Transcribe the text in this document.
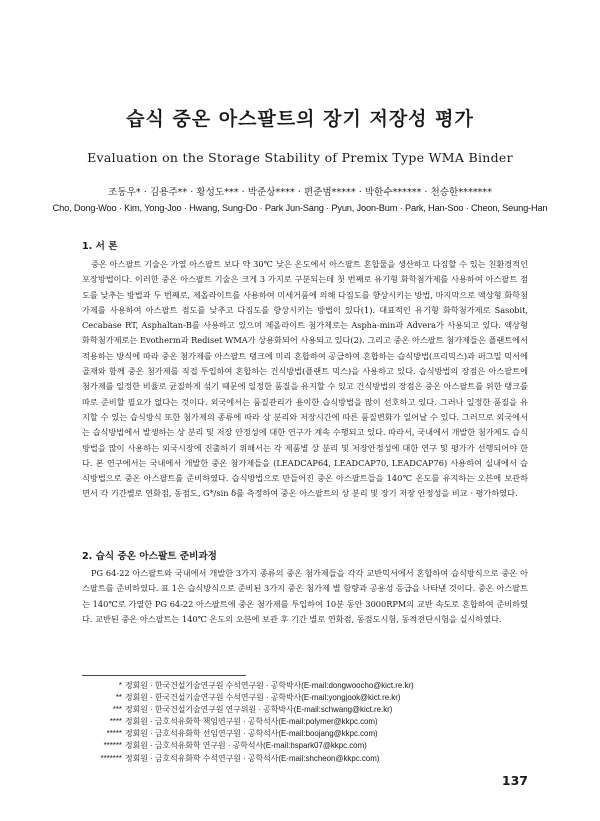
습식 중온 아스팔트의 장기 저장성 평가
Evaluation on the Storage Stability of Premix Type WMA Binder
조동우* · 김용주** · 황성도*** · 박준상**** · 편준범***** · 박한수****** · 천승한*******
Cho, Dong-Woo · Kim, Yong-Joo · Hwang, Sung-Do · Park Jun-Sang · Pyun, Joon-Bum · Park, Han-Soo · Cheon, Seung-Han
1. 서 론

중온 아스팔트 기술은 가열 아스팔트 보다 약 30℃ 낮은 온도에서 아스팔트 혼합물을 생산하고 다짐할 수 있는 친환경적인 포장방법이다. 이러한 중온 아스팔트 기술은 크게 3 가지로 구분되는데 첫 번째로 유기형 화학첨가제를 사용하여 아스팔트 점도를 낮추는 방법과 두 번째로, 제올라이트를 사용하여 미세거품에 의해 다짐도를 향상시키는 방법, 마지막으로 액상형 화학첨가제를 사용하여 아스팔트 점도를 낮추고 다짐도를 향상시키는 방법이 있다(1). 대표적인 유기형 화학첨가제로 Sasobit, Cecabase RT, Asphaltan-B를 사용하고 있으며 제올라이트 첨가제로는 Aspha-min과 Advera가 사용되고 있다. 액상형 화학첨가제로는 Evotherm과 Rediset WMA가 상용화되어 사용되고 있다(2). 그리고 중온 아스팔트 첨가제들은 플랜트에서 적용하는 방식에 따라 중온 첨가제를 아스팔트 탱크에 미리 혼합하여 공급하여 혼합하는 습식방법(프리믹스)과 퍼그밀 믹서에 골재와 함께 중온 첨가제를 직접 투입하여 혼합하는 건식방법(플랜트 믹스)을 사용하고 있다. 습식방법의 장점은 아스팔트에 첨가제를 일정한 비율로 균질하게 섞기 때문에 일정한 품질을 유지할 수 있고 건식방법의 장점은 중온 아스팔트를 위한 탱크를 따로 준비할 필요가 없다는 것이다. 외국에서는 품질관리가 용이한 습식방법을 많이 선호하고 있다. 그러나 일정한 품질을 유지할 수 있는 습식방식 또한 첨가제의 종류에 따라 상 분리와 저장시간에 따른 품질변화가 일어날 수 있다. 그러므로 외국에서는 습식방법에서 발생하는 상 분리 및 저장 안정성에 대한 연구가 계속 수행되고 있다. 따라서, 국내에서 개발한 첨가제도 습식방법을 많이 사용하는 외국시장에 진출하기 위해서는 각 제품별 상 분리 및 저장안정성에 대한 연구 및 평가가 선행되어야 한다. 본 연구에서는 국내에서 개발한 중온 첨가제들을 (LEADCAP64, LEADCAP70, LEADCAP76) 사용하여 실내에서 습식방법으로 중온 아스팔트를 준비하였다. 습식방법으로 만들어진 중온 아스팔트들을 140℃ 온도를 유지하는 오븐에 보관하면서 각 기간별로 연화점, 동점도, G*/sin δ를 측정하여 중온 아스팔트의 상 분리 및 장기 저장 안정성을 비교 · 평가하였다.

2. 습식 중온 아스팔트 준비과정

PG 64-22 아스팔트와 국내에서 개발한 3가지 종류의 중온 첨가제들을 각각 교반믹서에서 혼합하여 습식방식으로 중온 아스팔트를 준비하였다. 표 1은 습식방식으로 준비된 3가지 중온 첨가제 별 함량과 공용성 등급을 나타낸 것이다. 중온 아스팔트는 140℃로 가열한 PG 64-22 아스팔트에 중온 첨가제를 투입하여 10분 동안 3000RPM의 교반 속도로 혼합하여 준비하였다. 교반된 중온 아스팔트는 140℃ 온도의 오븐에 보관 후 기간 별로 연화점, 동점도시험, 동적전단시험을 실시하였다.

* 정회원 · 한국건설기술연구원 수석연구원 · 공학박사(E-mail:dongwoocho@kict.re.kr)
** 정회원 · 한국건설기술연구원 수석연구원 · 공학박사(E-mail:yongjook@kict.re.kr)
*** 정회원 · 한국건설기술연구원 연구위원 · 공학박사(E-mail:schwang@kict.re.kr)
**** 정회원 · 금호석유화학 책임연구원 · 공학석사(E-mail:polymer@kkpc.com)
***** 정회원 · 금호석유화학 선임연구원 · 공학석사(E-mail:boojang@kkpc.com)
****** 정회원 · 금호석유화학 연구원 · 공학석사(E-mail:hspark07@kkpc.com)
******* 정회원 · 금호석유화학 수석연구원 · 공학석사(E-mail:shcheon@kkpc.com)
137
